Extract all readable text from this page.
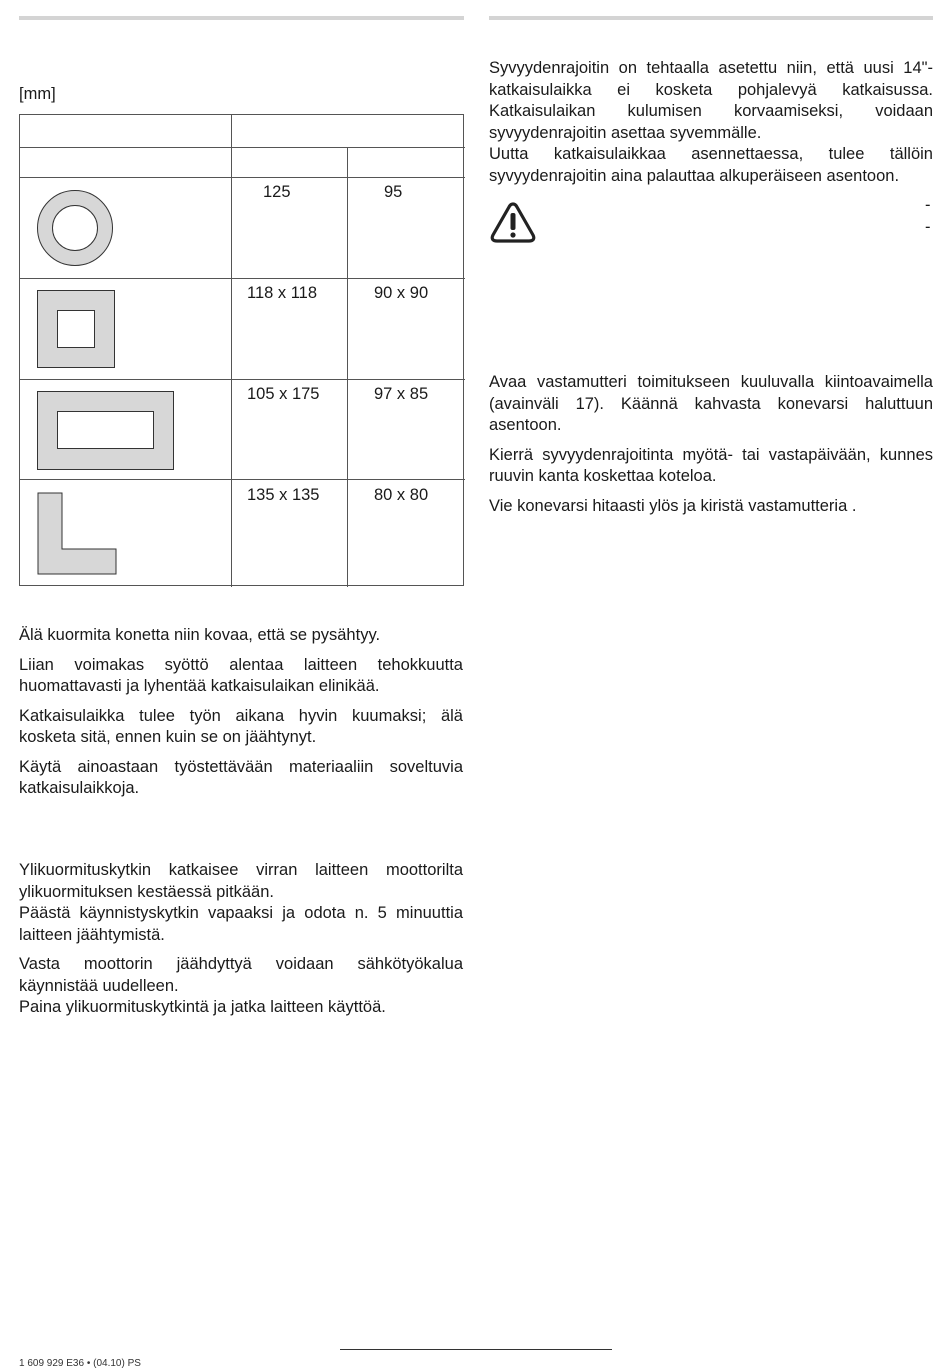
[mm]

125	95
118 x 118	90 x 90
105 x 175	97 x 85
135 x 135	80 x 80

Älä kuormita konetta niin kovaa, että se pysähtyy.

Liian voimakas syöttö alentaa laitteen tehokkuutta huomattavasti ja lyhentää katkaisulaikan elinikää.

Katkaisulaikka tulee työn aikana hyvin kuumaksi; älä kosketa sitä, ennen kuin se on jäähtynyt.

Käytä ainoastaan työstettävään materiaaliin soveltuvia katkaisulaikkoja.

Ylikuormituskytkin katkaisee virran laitteen moottorilta ylikuormituksen kestäessä pitkään.

Päästä käynnistyskytkin vapaaksi ja odota n. 5 minuuttia laitteen jäähtymistä.

Vasta moottorin jäähdyttyä voidaan sähkötyökalua käynnistää uudelleen.

Paina ylikuormituskytkintä ja jatka laitteen käyttöä.

Syvyydenrajoitin on tehtaalla asetettu niin, että uusi 14"-katkaisulaikka ei kosketa pohjalevyä katkaisussa. Katkaisulaikan kulumisen korvaamiseksi, voidaan syvyydenrajoitin asettaa syvemmälle.

Uutta katkaisulaikkaa asennettaessa, tulee tällöin syvyydenrajoitin aina palauttaa alkuperäiseen asentoon.

-
-

Avaa vastamutteri toimitukseen kuuluvalla kiintoavaimella (avainväli 17). Käännä kahvasta konevarsi haluttuun asentoon.

Kierrä syvyydenrajoitinta myötä- tai vastapäivään, kunnes ruuvin kanta koskettaa koteloa.

Vie konevarsi hitaasti ylös ja kiristä vastamutteria .

1 609 929 E36 • (04.10) PS
